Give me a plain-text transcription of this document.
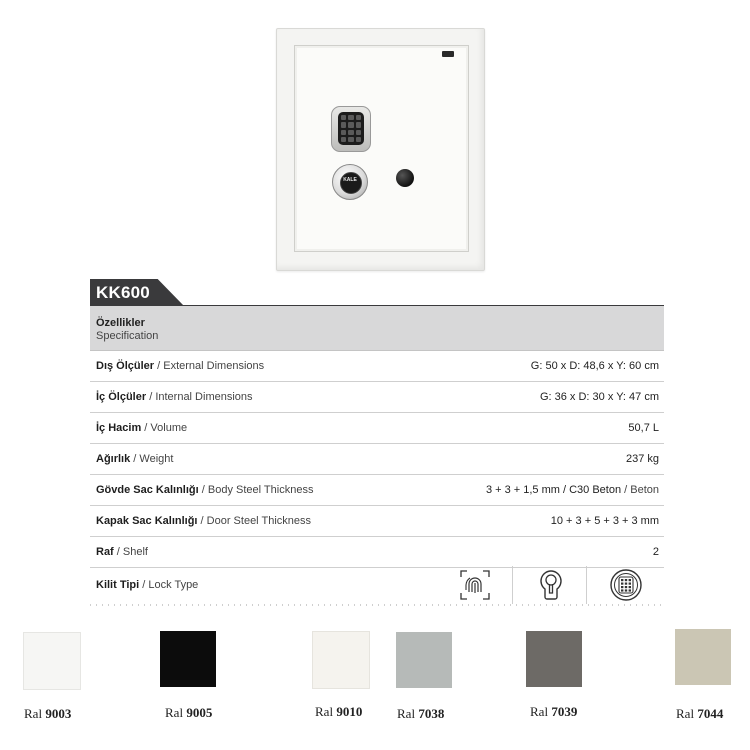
KALE
KK600
Özellikler
Specification
Dış Ölçüler / External Dimensions	G: 50 x D: 48,6 x Y: 60 cm
İç Ölçüler / Internal Dimensions	G: 36 x D: 30 x Y: 47 cm
İç Hacim / Volume	50,7 L
Ağırlık / Weight	237 kg
Gövde Sac Kalınlığı / Body Steel Thickness	3 + 3 + 1,5 mm / C30 Beton / Beton
Kapak Sac Kalınlığı / Door Steel Thickness	10 + 3 + 5 + 3 + 3 mm
Raf / Shelf	2
Kilit Tipi / Lock Type
Ral 9003	Ral 9005	Ral 9010	Ral 7038	Ral 7039	Ral 7044
